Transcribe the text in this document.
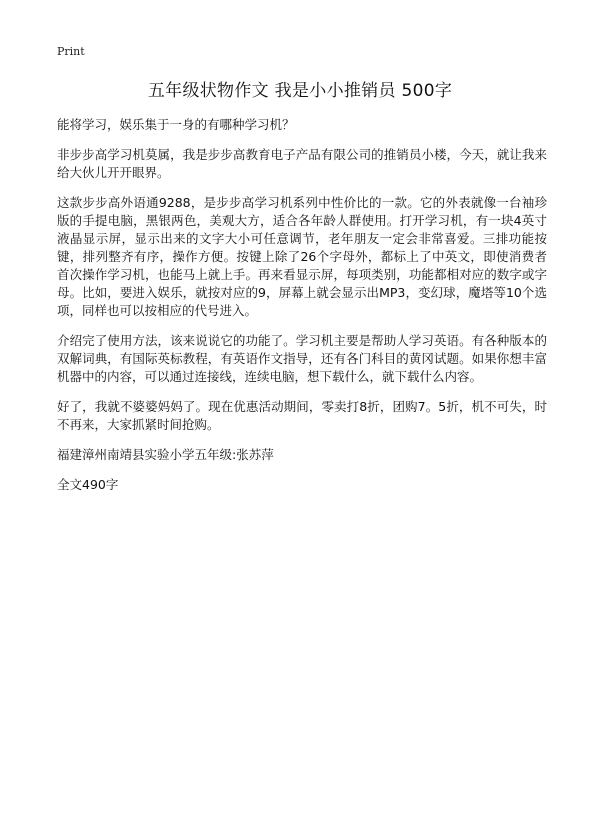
Print
五年级状物作文 我是小小推销员 500字

能将学习，娱乐集于一身的有哪种学习机？

非步步高学习机莫属，我是步步高教育电子产品有限公司的推销员小楼，今天，就让我来给大伙儿开开眼界。

这款步步高外语通9288，是步步高学习机系列中性价比的一款。它的外表就像一台袖珍版的手提电脑，黑银两色，美观大方，适合各年龄人群使用。打开学习机，有一块4英寸液晶显示屏，显示出来的文字大小可任意调节，老年朋友一定会非常喜爱。三排功能按键，排列整齐有序，操作方便。按键上除了26个字母外，都标上了中英文，即使消费者首次操作学习机，也能马上就上手。再来看显示屏，每项类别，功能都相对应的数字或字母。比如，要进入娱乐，就按对应的9，屏幕上就会显示出MP3，变幻球，魔塔等10个选项，同样也可以按相应的代号进入。

介绍完了使用方法，该来说说它的功能了。学习机主要是帮助人学习英语。有各种版本的双解词典，有国际英标教程，有英语作文指导，还有各门科目的黄冈试题。如果你想丰富机器中的内容，可以通过连接线，连续电脑，想下载什么，就下载什么内容。

好了，我就不婆婆妈妈了。现在优惠活动期间，零卖打8折，团购7。5折，机不可失，时不再来，大家抓紧时间抢购。

福建漳州南靖县实验小学五年级:张苏萍

全文490字
